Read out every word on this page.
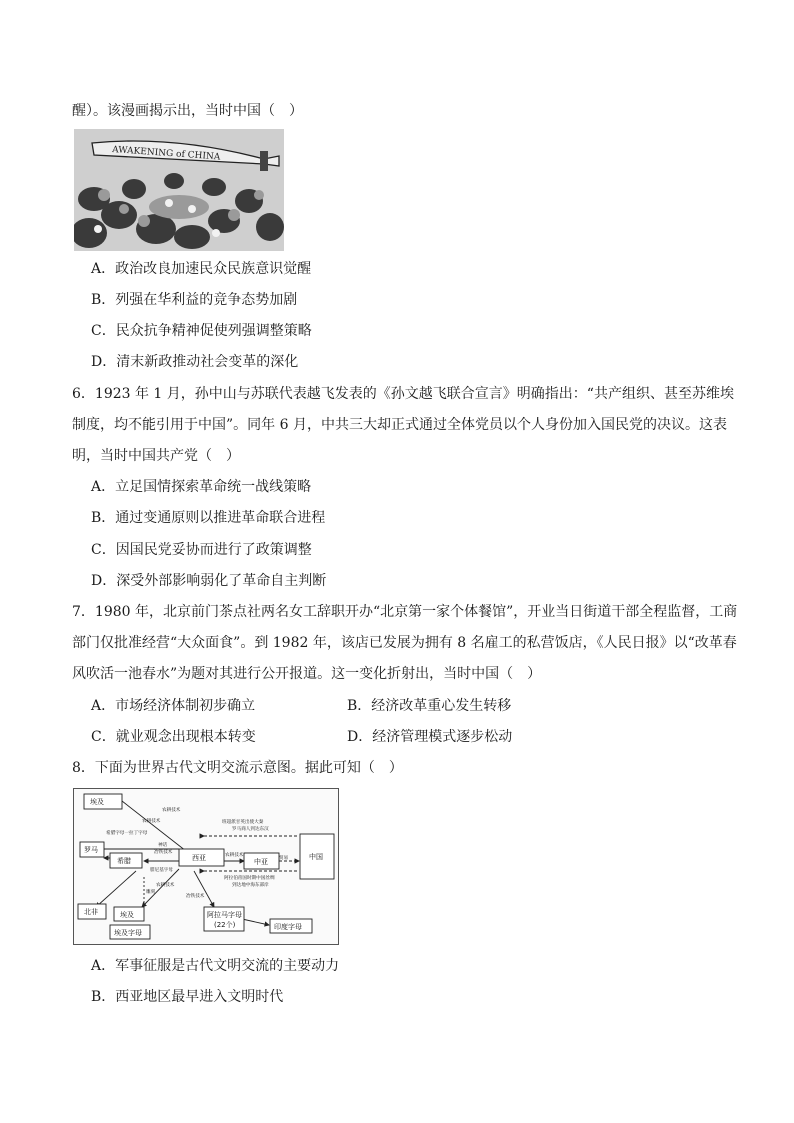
醒）。该漫画揭示出，当时中国（　）
AWAKENING of CHINA
A．政治改良加速民众民族意识觉醒
B．列强在华利益的竞争态势加剧
C．民众抗争精神促使列强调整策略
D．清末新政推动社会变革的深化
6．1923 年 1 月，孙中山与苏联代表越飞发表的《孙文越飞联合宣言》明确指出：“共产组织、甚至苏维埃
制度，均不能引用于中国”。同年 6 月，中共三大却正式通过全体党员以个人身份加入国民党的决议。这表
明，当时中国共产党（　）
A．立足国情探索革命统一战线策略
B．通过变通原则以推进革命联合进程
C．因国民党妥协而进行了政策调整
D．深受外部影响弱化了革命自主判断
7．1980 年，北京前门茶点社两名女工辞职开办“北京第一家个体餐馆”，开业当日街道干部全程监督，工商
部门仅批准经营“大众面食”。到 1982 年，该店已发展为拥有 8 名雇工的私营饭店，《人民日报》以“改革春
风吹活一池春水”为题对其进行公开报道。这一变化折射出，当时中国（　）
A．市场经济体制初步确立	B．经济改革重心发生转移
C．就业观念出现根本转变	D．经济管理模式逐步松动
8．下面为世界古代文明交流示意图。据此可知（　）
埃及
罗马
希腊	西亚	中亚
中国
北非	埃及
埃及字母
阿拉马字母
(22个)	印度字母
农耕技术
农耕技术
希腊字母一拉丁字母
神话
冶铁技术
腓尼基字母
农耕技术
农耕技术
冶铁技术
雕刻
贸易
班超派甘英出使大秦
罗马商人到达东汉
阿拉伯帝国时期中国丝绸
到达地中海东部岸
A．军事征服是古代文明交流的主要动力
B．西亚地区最早进入文明时代
